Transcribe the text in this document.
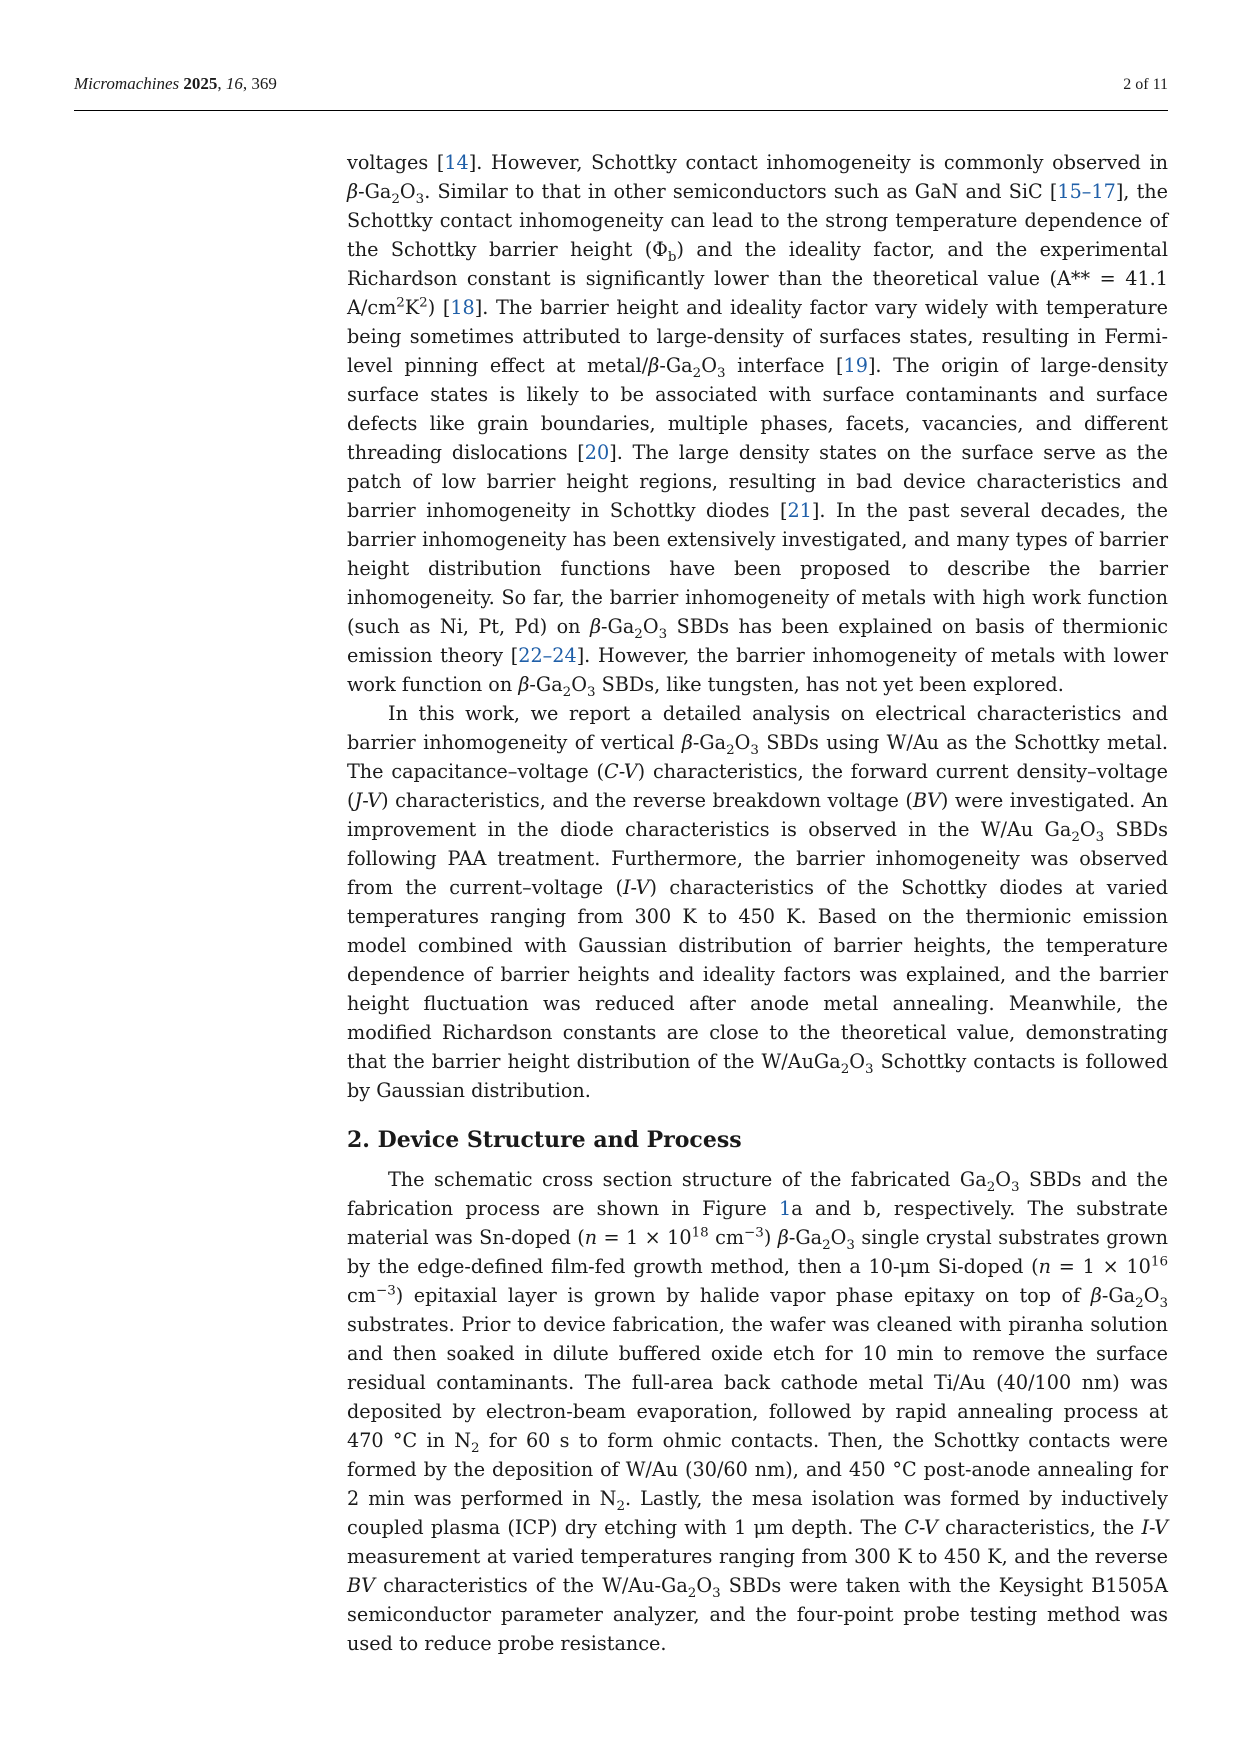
Micromachines 2025, 16, 369	2 of 11

voltages [14]. However, Schottky contact inhomogeneity is commonly observed in $\beta-Ga_2O_3$. Similar to that in other semiconductors such as GaN and SiC [15–17], the Schottky contact inhomogeneity can lead to the strong temperature dependence of the Schottky barrier height $(\Phi_b)$ and the ideality factor, and the experimental Richardson constant is significantly lower than the theoretical value (A** = 41.1 $A/cm^2K^2$) [18]. The barrier height and ideality factor vary widely with temperature being sometimes attributed to large-density of surfaces states, resulting in Fermi-level pinning effect at metal/$\beta-Ga_2O_3$ interface [19]. The origin of large-density surface states is likely to be associated with surface contaminants and surface defects like grain boundaries, multiple phases, facets, vacancies, and different threading dislocations [20]. The large density states on the surface serve as the patch of low barrier height regions, resulting in bad device characteristics and barrier inhomogeneity in Schottky diodes [21]. In the past several decades, the barrier inhomogeneity has been extensively investigated, and many types of barrier height distribution functions have been proposed to describe the barrier inhomogeneity. So far, the barrier inhomogeneity of metals with high work function (such as Ni, Pt, Pd) on $\beta-Ga_2O_3$ SBDs has been explained on basis of thermionic emission theory [22–24]. However, the barrier inhomogeneity of metals with lower work function on $\beta-Ga_2O_3$ SBDs, like tungsten, has not yet been explored.

In this work, we report a detailed analysis on electrical characteristics and barrier inhomogeneity of vertical $\beta-Ga_2O_3$ SBDs using W/Au as the Schottky metal. The capacitance–voltage (C-V) characteristics, the forward current density–voltage (J-V) characteristics, and the reverse breakdown voltage (BV) were investigated. An improvement in the diode characteristics is observed in the W/Au $Ga_2O_3$ SBDs following PAA treatment. Furthermore, the barrier inhomogeneity was observed from the current–voltage (I-V) characteristics of the Schottky diodes at varied temperatures ranging from 300 K to 450 K. Based on the thermionic emission model combined with Gaussian distribution of barrier heights, the temperature dependence of barrier heights and ideality factors was explained, and the barrier height fluctuation was reduced after anode metal annealing. Meanwhile, the modified Richardson constants are close to the theoretical value, demonstrating that the barrier height distribution of the $W/AuGa_2O_3$ Schottky contacts is followed by Gaussian distribution.

2. Device Structure and Process

The schematic cross section structure of the fabricated $Ga_2O_3$ SBDs and the fabrication process are shown in Figure 1a and b, respectively. The substrate material was Sn-doped ($n = 1 \times 10^{18}$ $cm^{-3}$) $\beta-Ga_2O_3$ single crystal substrates grown by the edge-defined film-fed growth method, then a 10-μm Si-doped ($n = 1 \times 10^{16}$ $cm^{-3}$) epitaxial layer is grown by halide vapor phase epitaxy on top of $\beta-Ga_2O_3$ substrates. Prior to device fabrication, the wafer was cleaned with piranha solution and then soaked in dilute buffered oxide etch for 10 min to remove the surface residual contaminants. The full-area back cathode metal Ti/Au (40/100 nm) was deposited by electron-beam evaporation, followed by rapid annealing process at 470 °C in $N_2$ for 60 s to form ohmic contacts. Then, the Schottky contacts were formed by the deposition of W/Au (30/60 nm), and 450 °C post-anode annealing for 2 min was performed in $N_2$. Lastly, the mesa isolation was formed by inductively coupled plasma (ICP) dry etching with 1 μm depth. The C-V characteristics, the I-V measurement at varied temperatures ranging from 300 K to 450 K, and the reverse BV characteristics of the $W/Au-Ga_2O_3$ SBDs were taken with the Keysight B1505A semiconductor parameter analyzer, and the four-point probe testing method was used to reduce probe resistance.
